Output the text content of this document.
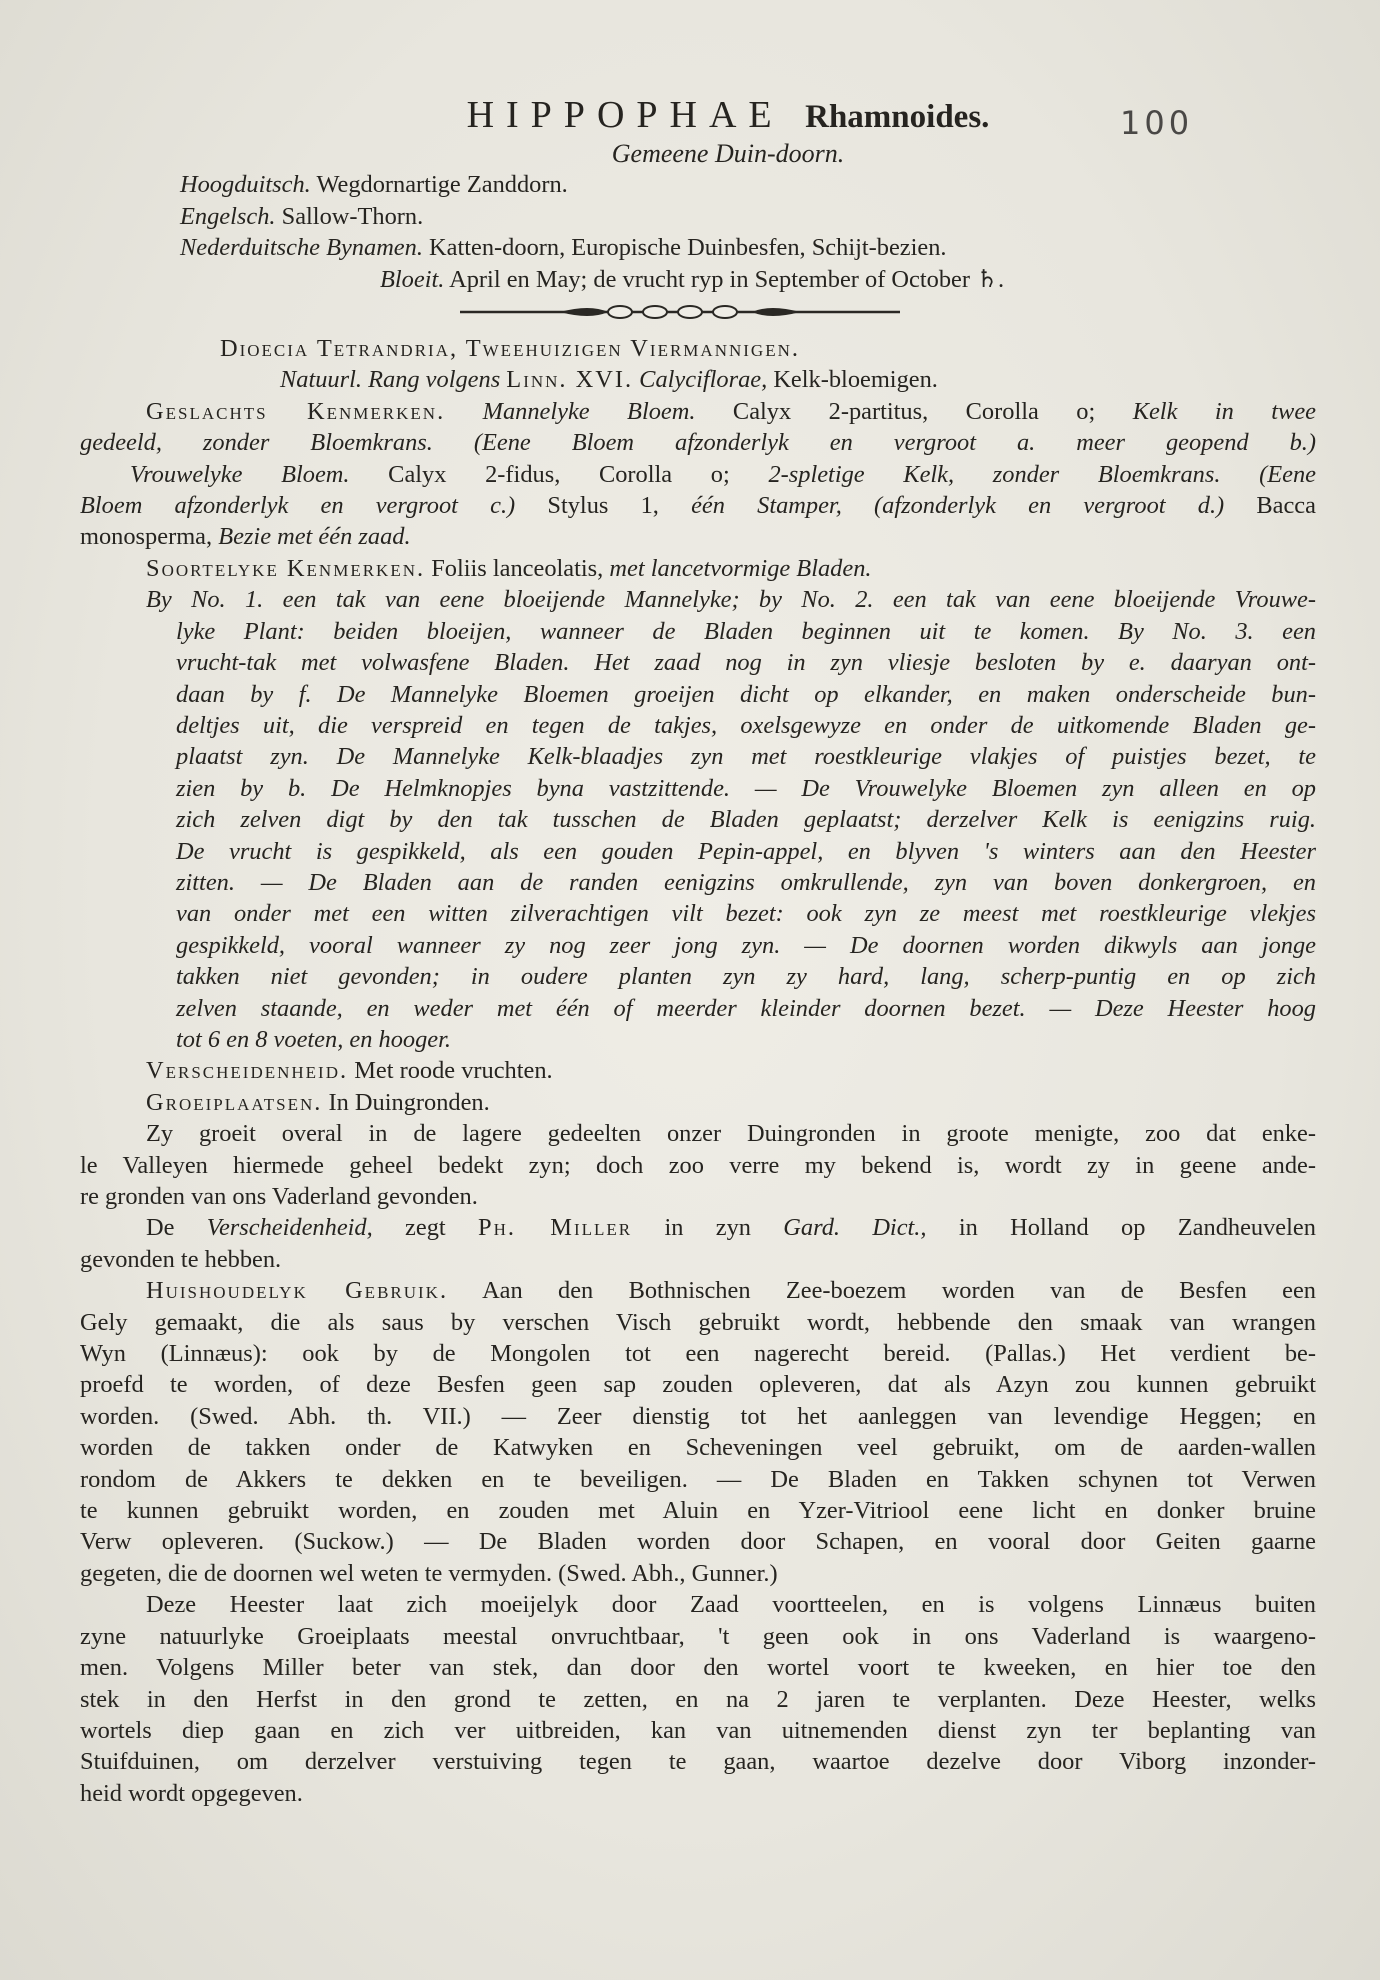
100
HIPPOPHAE Rhamnoides.
Gemeene Duin-doorn.
Hoogduitsch. Wegdornartige Zanddorn.
Engelsch. Sallow-Thorn.
Nederduitsche Bynamen. Katten-doorn, Europische Duinbesfen, Schijt-bezien.
Bloeit. April en May; de vrucht ryp in September of October ♄.
Dioecia Tetrandria, Tweehuizigen Viermannigen.
Natuurl. Rang volgens Linn. XVI. Calyciflorae, Kelk-bloemigen.
Geslachts Kenmerken. Mannelyke Bloem. Calyx 2-partitus, Corolla o; Kelk in twee
gedeeld, zonder Bloemkrans. (Eene Bloem afzonderlyk en vergroot a. meer geopend b.)
Vrouwelyke Bloem. Calyx 2-fidus, Corolla o; 2-spletige Kelk, zonder Bloemkrans. (Eene
Bloem afzonderlyk en vergroot c.) Stylus 1, één Stamper, (afzonderlyk en vergroot d.) Bacca
monosperma, Bezie met één zaad.
Soortelyke Kenmerken. Foliis lanceolatis, met lancetvormige Bladen.
By No. 1. een tak van eene bloeijende Mannelyke; by No. 2. een tak van eene bloeijende Vrouwe-
lyke Plant: beiden bloeijen, wanneer de Bladen beginnen uit te komen. By No. 3. een
vrucht-tak met volwasfene Bladen. Het zaad nog in zyn vliesje besloten by e. daaryan ont-
daan by f. De Mannelyke Bloemen groeijen dicht op elkander, en maken onderscheide bun-
deltjes uit, die verspreid en tegen de takjes, oxelsgewyze en onder de uitkomende Bladen ge-
plaatst zyn. De Mannelyke Kelk-blaadjes zyn met roestkleurige vlakjes of puistjes bezet, te
zien by b. De Helmknopjes byna vastzittende. — De Vrouwelyke Bloemen zyn alleen en op
zich zelven digt by den tak tusschen de Bladen geplaatst; derzelver Kelk is eenigzins ruig.
De vrucht is gespikkeld, als een gouden Pepin-appel, en blyven 's winters aan den Heester
zitten. — De Bladen aan de randen eenigzins omkrullende, zyn van boven donkergroen, en
van onder met een witten zilverachtigen vilt bezet: ook zyn ze meest met roestkleurige vlekjes
gespikkeld, vooral wanneer zy nog zeer jong zyn. — De doornen worden dikwyls aan jonge
takken niet gevonden; in oudere planten zyn zy hard, lang, scherp-puntig en op zich
zelven staande, en weder met één of meerder kleinder doornen bezet. — Deze Heester hoog
tot 6 en 8 voeten, en hooger.
Verscheidenheid. Met roode vruchten.
Groeiplaatsen. In Duingronden.
Zy groeit overal in de lagere gedeelten onzer Duingronden in groote menigte, zoo dat enke-
le Valleyen hiermede geheel bedekt zyn; doch zoo verre my bekend is, wordt zy in geene ande-
re gronden van ons Vaderland gevonden.
De Verscheidenheid, zegt Ph. Miller in zyn Gard. Dict., in Holland op Zandheuvelen
gevonden te hebben.
Huishoudelyk Gebruik. Aan den Bothnischen Zee-boezem worden van de Besfen een
Gely gemaakt, die als saus by verschen Visch gebruikt wordt, hebbende den smaak van wrangen
Wyn (Linnæus): ook by de Mongolen tot een nagerecht bereid. (Pallas.) Het verdient be-
proefd te worden, of deze Besfen geen sap zouden opleveren, dat als Azyn zou kunnen gebruikt
worden. (Swed. Abh. th. VII.) — Zeer dienstig tot het aanleggen van levendige Heggen; en
worden de takken onder de Katwyken en Scheveningen veel gebruikt, om de aarden-wallen
rondom de Akkers te dekken en te beveiligen. — De Bladen en Takken schynen tot Verwen
te kunnen gebruikt worden, en zouden met Aluin en Yzer-Vitriool eene licht en donker bruine
Verw opleveren. (Suckow.) — De Bladen worden door Schapen, en vooral door Geiten gaarne
gegeten, die de doornen wel weten te vermyden. (Swed. Abh., Gunner.)
Deze Heester laat zich moeijelyk door Zaad voortteelen, en is volgens Linnæus buiten
zyne natuurlyke Groeiplaats meestal onvruchtbaar, 't geen ook in ons Vaderland is waargeno-
men. Volgens Miller beter van stek, dan door den wortel voort te kweeken, en hier toe den
stek in den Herfst in den grond te zetten, en na 2 jaren te verplanten. Deze Heester, welks
wortels diep gaan en zich ver uitbreiden, kan van uitnemenden dienst zyn ter beplanting van
Stuifduinen, om derzelver verstuiving tegen te gaan, waartoe dezelve door Viborg inzonder-
heid wordt opgegeven.
